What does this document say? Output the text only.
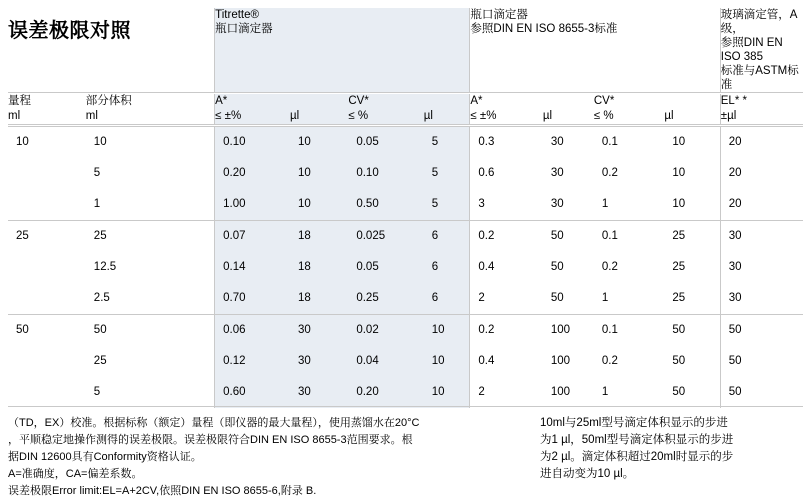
误差极限对照

Titrette®
瓶口滴定器

瓶口滴定器
参照DIN EN ISO 8655-3标准

玻璃滴定管，A级，
参照DIN EN ISO 385
标准与ASTM标准

量程	部分体积	A*		CV*		A*		CV*		EL* *
ml	ml	≤ ±%	µl	≤ %	µl	≤ ±%	µl	≤ %	µl	±µl

10	10	0.10	10	0.05	5	0.3	30	0.1	10	20
	5	0.20	10	0.10	5	0.6	30	0.2	10	20
	1	1.00	10	0.50	5	3	30	1	10	20
25	25	0.07	18	0.025	6	0.2	50	0.1	25	30
	12.5	0.14	18	0.05	6	0.4	50	0.2	25	30
	2.5	0.70	18	0.25	6	2	50	1	25	30
50	50	0.06	30	0.02	10	0.2	100	0.1	50	50
	25	0.12	30	0.04	10	0.4	100	0.2	50	50
	5	0.60	30	0.20	10	2	100	1	50	50

（TD，EX）校准。根据标称（额定）量程（即仪器的最大量程），使用蒸馏水在20°C

，平顺稳定地操作测得的误差极限。误差极限符合DIN EN ISO 8655-3范围要求。根

据DIN 12600具有Conformity资格认证。

A=准确度，CA=偏差系数。

误差极限Error limit:EL=A+2CV,依照DIN EN ISO 8655-6,附录 B.

10ml与25ml型号滴定体积显示的步进

为1 µl，50ml型号滴定体积显示的步进

为2 µl。滴定体积超过20ml时显示的步

进自动变为10 µl。
